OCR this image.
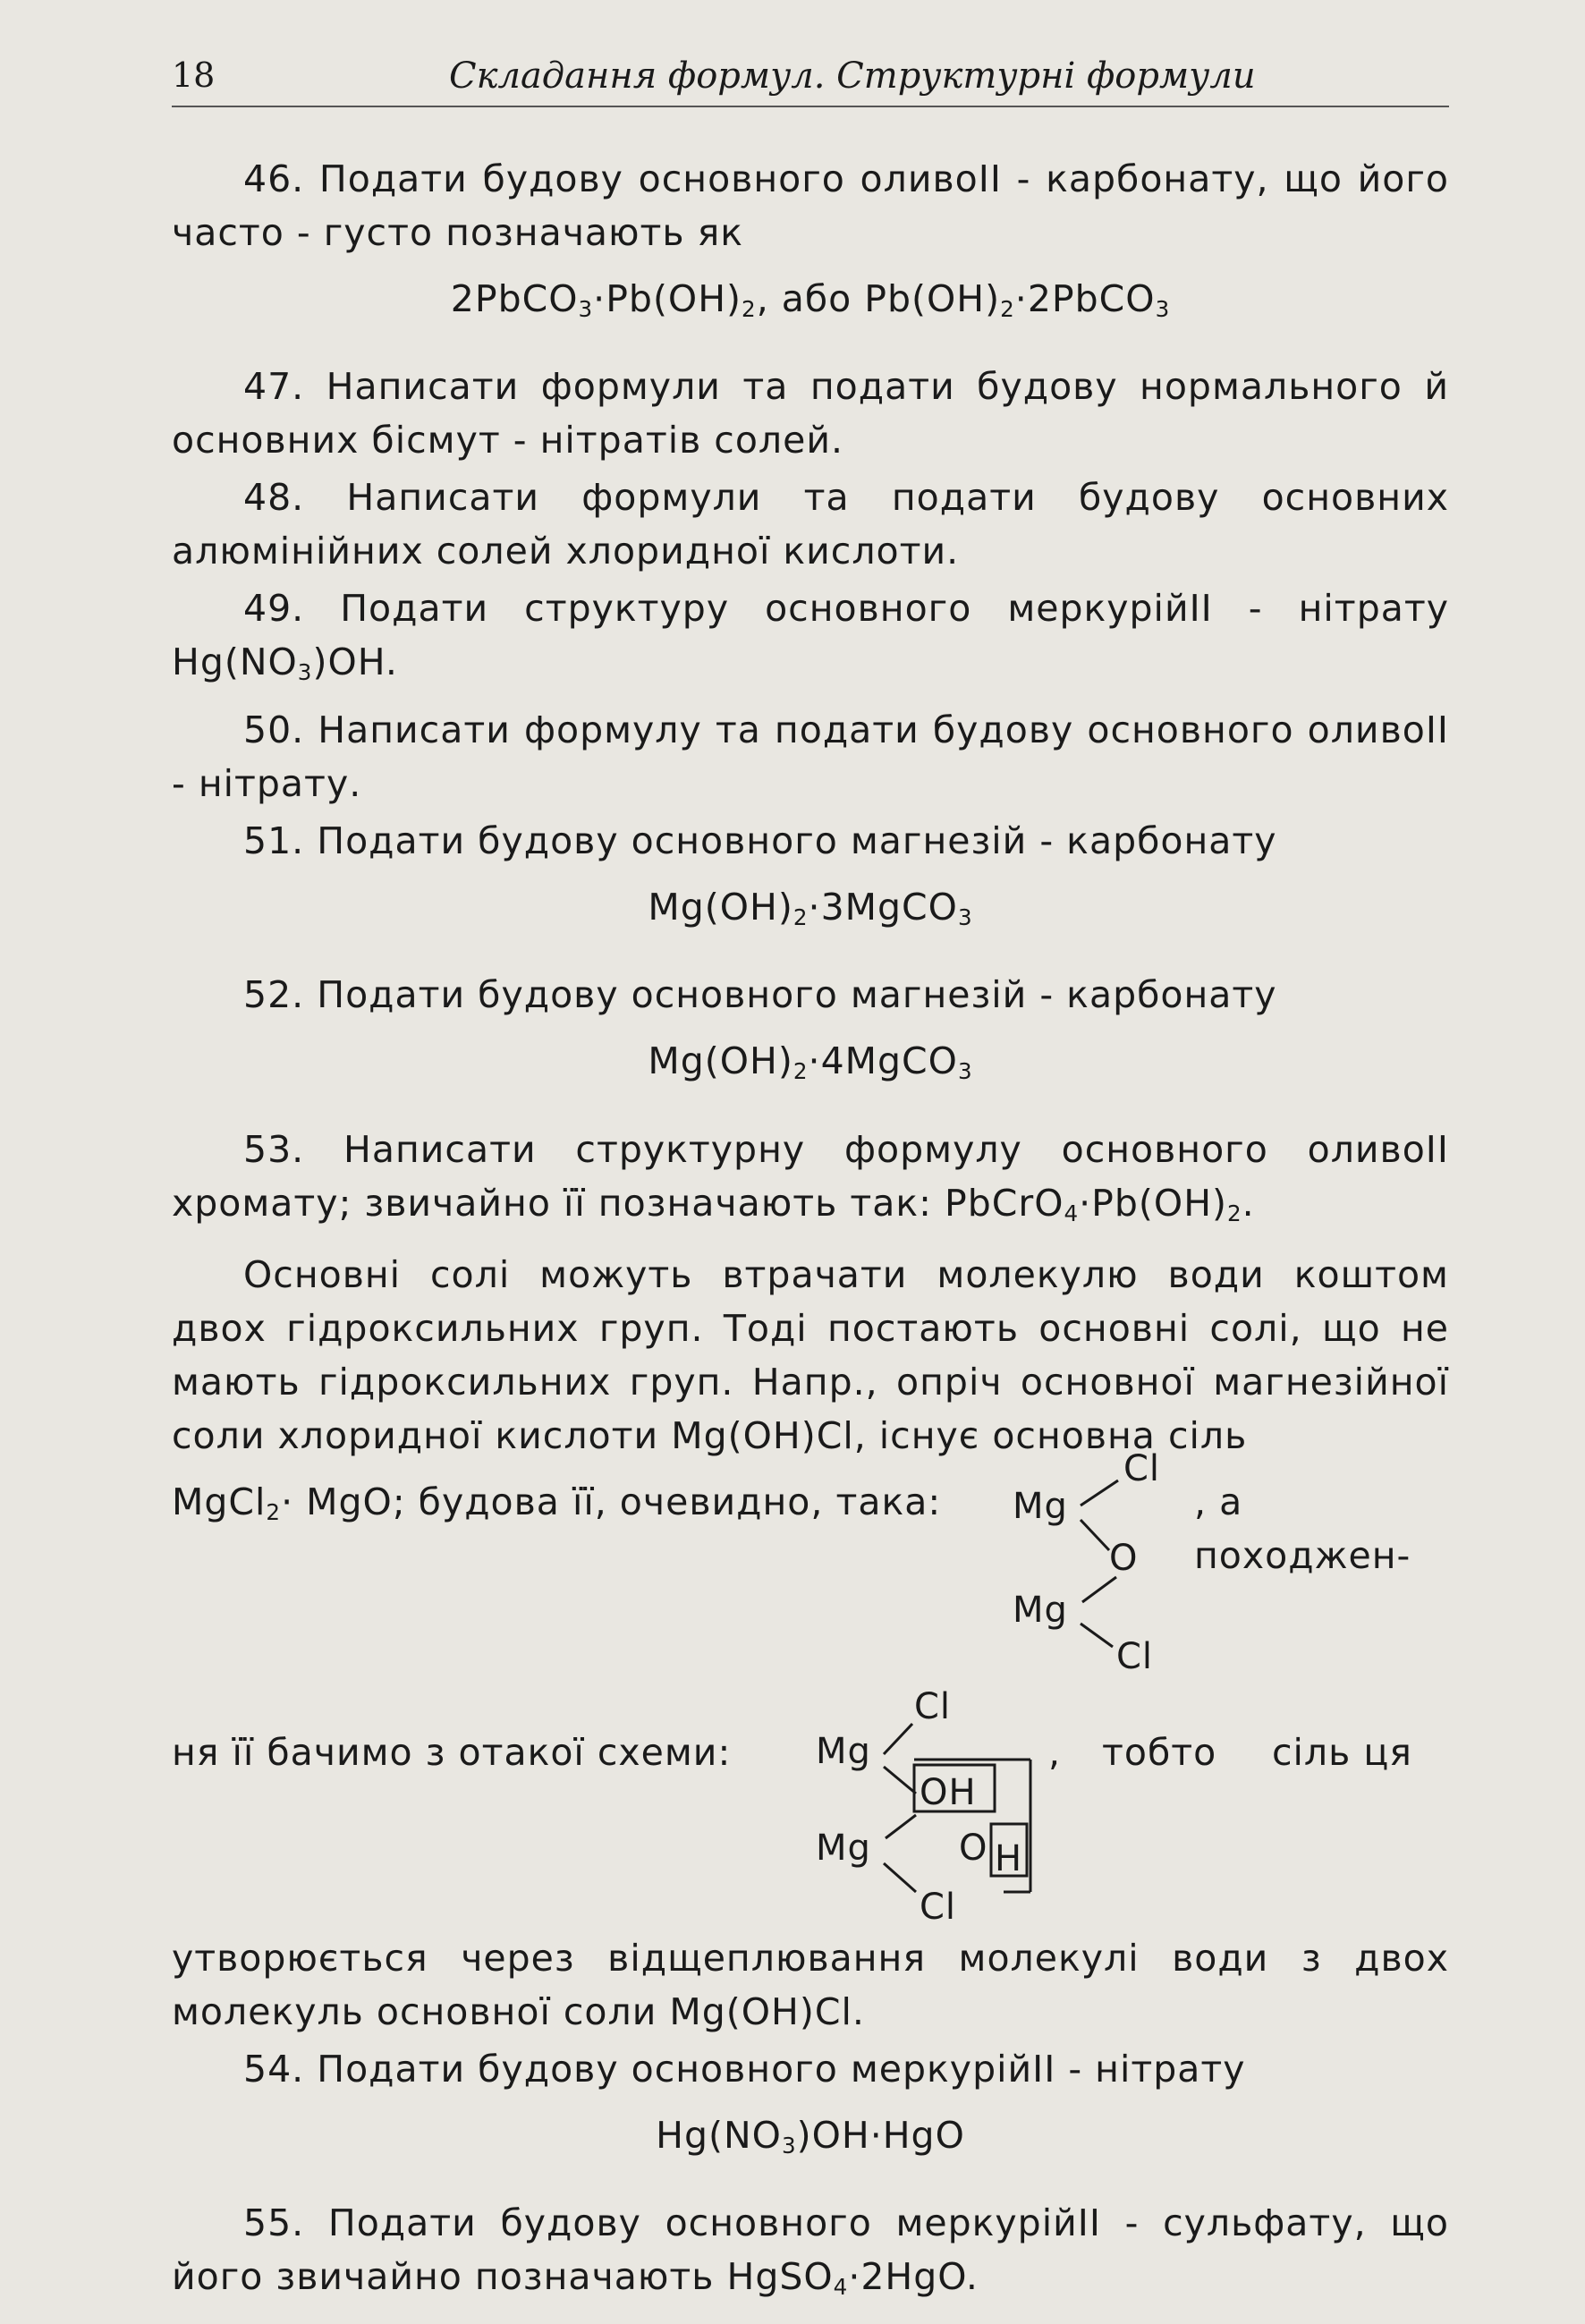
18	Складання формул. Структурні формули

46. Подати будову основного оливоII - карбонату, що його часто - густо позначають як

$2PbCO_3\cdot Pb(OH)_2$, або $Pb(OH)_2\cdot 2PbCO_3$

47. Написати формули та подати будову нормального й основних бісмут - нітратів солей.

48. Написати формули та подати будову основних алюмінійних солей хлоридної кислоти.

49. Подати структуру основного меркурійII - нітрату $Hg(NO_3)OH$.

50. Написати формулу та подати будову основного оливоII - нітрату.

51. Подати будову основного магнезій - карбонату

$Mg(OH)_2\cdot 3MgCO_3$

52. Подати будову основного магнезій - карбонату

$Mg(OH)_2\cdot 4MgCO_3$

53. Написати структурну формулу основного оливоII хромату; звичайно її позначають так: $PbCrO_4\cdot Pb(OH)_2$.

Основні солі можуть втрачати молекулю води коштом двох гідроксильних груп. Тоді постають основні солі, що не мають гідроксильних груп. Напр., опріч основної магнезійної соли хлоридної кислоти Mg(OH)Cl, існує основна сіль

MgCl$_2$· MgO; будова її, очевидно, така: Mg
Cl
O
Mg
Cl
, а походжен-
ня її бачимо з отакої схеми: Mg
Cl
OH
Mg O H
Cl
, тобто сіль ця

утворюється через відщеплювання молекулі води з двох молекуль основної соли Mg(OH)Cl.

54. Подати будову основного меркурійII - нітрату

$Hg(NO_3)OH\cdot HgO$

55. Подати будову основного меркурійII - сульфату, що його звичайно позначають HgSO$_4$·2HgO.
